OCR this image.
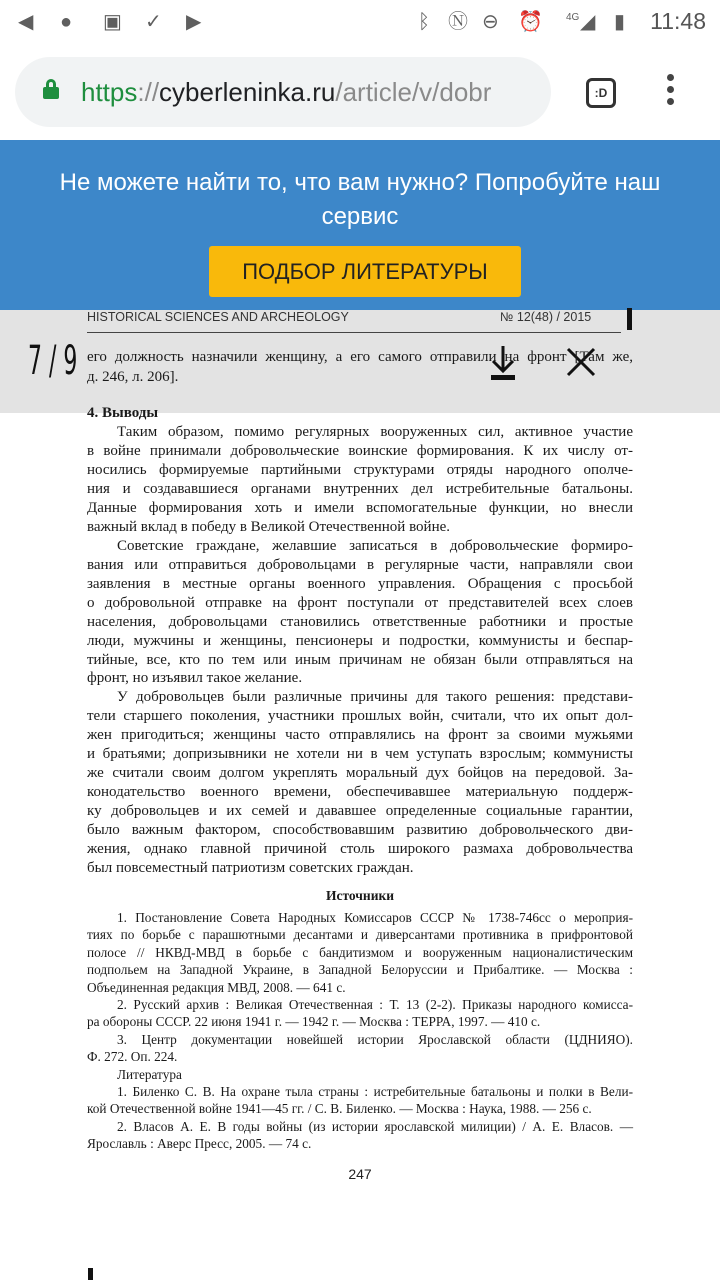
◀ ● ▣ ✓ ▶	ᛒ Ⓝ ⊖ ⏰ 4G ◢ ▮ 11:48
https://cyberleninka.ru/article/v/dobr	:D
Не можете найти то, что вам нужно? Попробуйте наш сервис
ПОДБОР ЛИТЕРАТУРЫ
7 / 9
HISTORICAL SCIENCES AND ARCHEOLOGY	№ 12(48) / 2015
его должность назначили женщину, а его самого отправили на фронт [Там же,
д. 246, л. 206].
4. Выводы
Таким образом, помимо регулярных вооруженных сил, активное участие
в войне принимали добровольческие воинские формирования. К их числу от-
носились формируемые партийными структурами отряды народного ополче-
ния и создававшиеся органами внутренних дел истребительные батальоны.
Данные формирования хоть и имели вспомогательные функции, но внесли
важный вклад в победу в Великой Отечественной войне.
Советские граждане, желавшие записаться в добровольческие формиро-
вания или отправиться добровольцами в регулярные части, направляли свои
заявления в местные органы военного управления. Обращения с просьбой
о добровольной отправке на фронт поступали от представителей всех слоев
населения, добровольцами становились ответственные работники и простые
люди, мужчины и женщины, пенсионеры и подростки, коммунисты и беспар-
тийные, все, кто по тем или иным причинам не обязан были отправляться на
фронт, но изъявил такое желание.
У добровольцев были различные причины для такого решения: представи-
тели старшего поколения, участники прошлых войн, считали, что их опыт дол-
жен пригодиться; женщины часто отправлялись на фронт за своими мужьями
и братьями; допризывники не хотели ни в чем уступать взрослым; коммунисты
же считали своим долгом укреплять моральный дух бойцов на передовой. За-
конодательство военного времени, обеспечивавшее материальную поддерж-
ку добровольцев и их семей и дававшее определенные социальные гарантии,
было важным фактором, способствовавшим развитию добровольческого дви-
жения, однако главной причиной столь широкого размаха добровольчества
был повсеместный патриотизм советских граждан.
Источники
1. Постановление Совета Народных Комиссаров СССР № 1738-746сс о мероприя-
тиях по борьбе с парашютными десантами и диверсантами противника в прифронтовой
полосе // НКВД-МВД в борьбе с бандитизмом и вооруженным националистическим
подпольем на Западной Украине, в Западной Белоруссии и Прибалтике. — Москва :
Объединенная редакция МВД, 2008. — 641 с.
2. Русский архив : Великая Отечественная : Т. 13 (2-2). Приказы народного комисса-
ра обороны СССР. 22 июня 1941 г. — 1942 г. — Москва : ТЕРРА, 1997. — 410 с.
3. Центр документации новейшей истории Ярославской области (ЦДНИЯО).
Ф. 272. Оп. 224.
Литература
1. Биленко С. В. На охране тыла страны : истребительные батальоны и полки в Вели-
кой Отечественной войне 1941—45 гг. / С. В. Биленко. — Москва : Наука, 1988. — 256 с.
2. Власов А. Е. В годы войны (из истории ярославской милиции) / А. Е. Власов. —
Ярославль : Аверс Пресс, 2005. — 74 с.
247
